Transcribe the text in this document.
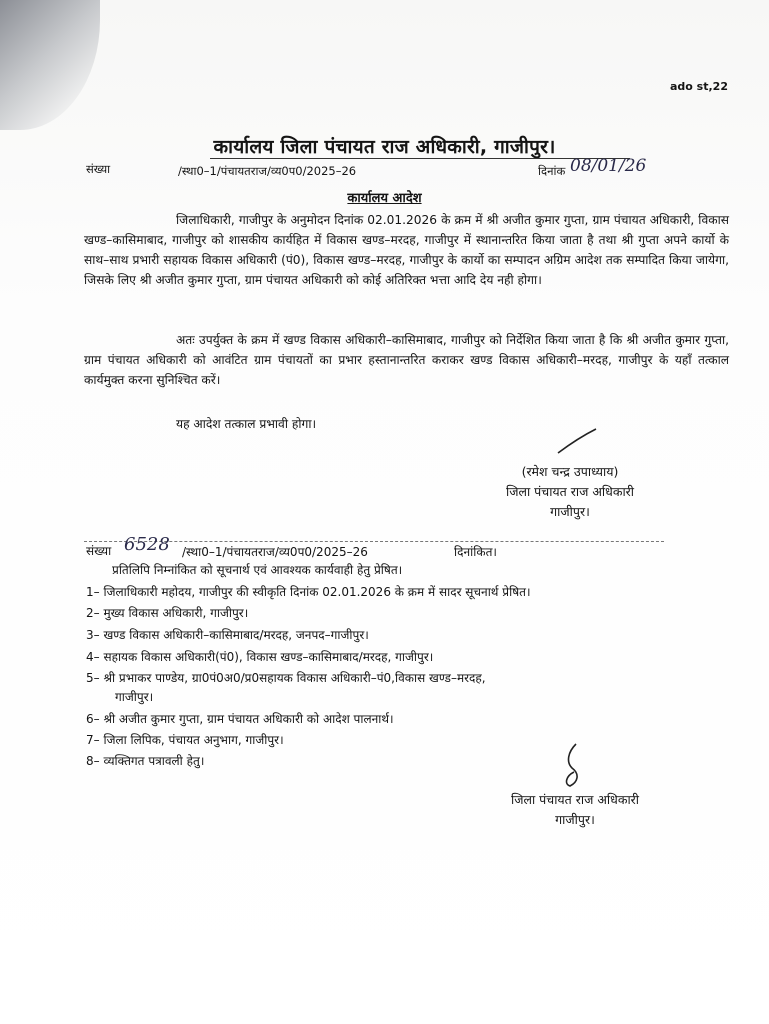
ado st,22
कार्यालय जिला पंचायत राज अधिकारी, गाजीपुर।
संख्या	/स्था0–1/पंचायतराज/व्य0प0/2025–26	दिनांक 08/01/26
कार्यालय आदेश
जिलाधिकारी, गाजीपुर के अनुमोदन दिनांक 02.01.2026 के क्रम में श्री अजीत कुमार गुप्ता, ग्राम पंचायत अधिकारी, विकास खण्ड–कासिमाबाद, गाजीपुर को शासकीय कार्यहित में विकास खण्ड–मरदह, गाजीपुर में स्थानान्तरित किया जाता है तथा श्री गुप्ता अपने कार्यो के साथ–साथ प्रभारी सहायक विकास अधिकारी (पं0), विकास खण्ड–मरदह, गाजीपुर के कार्यो का सम्पादन अग्रिम आदेश तक सम्पादित किया जायेगा, जिसके लिए श्री अजीत कुमार गुप्ता, ग्राम पंचायत अधिकारी को कोई अतिरिक्त भत्ता आदि देय नही होगा।
अतः उपर्युक्त के क्रम में खण्ड विकास अधिकारी–कासिमाबाद, गाजीपुर को निर्देशित किया जाता है कि श्री अजीत कुमार गुप्ता, ग्राम पंचायत अधिकारी को आवंटित ग्राम पंचायतों का प्रभार हस्तानान्तरित कराकर खण्ड विकास अधिकारी–मरदह, गाजीपुर के यहाँ तत्काल कार्यमुक्त करना सुनिश्चित करें।
यह आदेश तत्काल प्रभावी होगा।
(रमेश चन्द्र उपाध्याय)
जिला पंचायत राज अधिकारी
गाजीपुर।
संख्या 6528 /स्था0–1/पंचायतराज/व्य0प0/2025–26	दिनांकित।
प्रतिलिपि निम्नांकित को सूचनार्थ एवं आवश्यक कार्यवाही हेतु प्रेषित।
1– जिलाधिकारी महोदय, गाजीपुर की स्वीकृति दिनांक 02.01.2026 के क्रम में सादर सूचनार्थ प्रेषित।
2– मुख्य विकास अधिकारी, गाजीपुर।
3– खण्ड विकास अधिकारी–कासिमाबाद/मरदह, जनपद–गाजीपुर।
4– सहायक विकास अधिकारी(पं0), विकास खण्ड–कासिमाबाद/मरदह, गाजीपुर।
5– श्री प्रभाकर पाण्डेय, ग्रा0पं0अ0/प्र0सहायक विकास अधिकारी–पं0,विकास खण्ड–मरदह,
गाजीपुर।
6– श्री अजीत कुमार गुप्ता, ग्राम पंचायत अधिकारी को आदेश पालनार्थ।
7– जिला लिपिक, पंचायत अनुभाग, गाजीपुर।
8– व्यक्तिगत पत्रावली हेतु।
जिला पंचायत राज अधिकारी
गाजीपुर।
